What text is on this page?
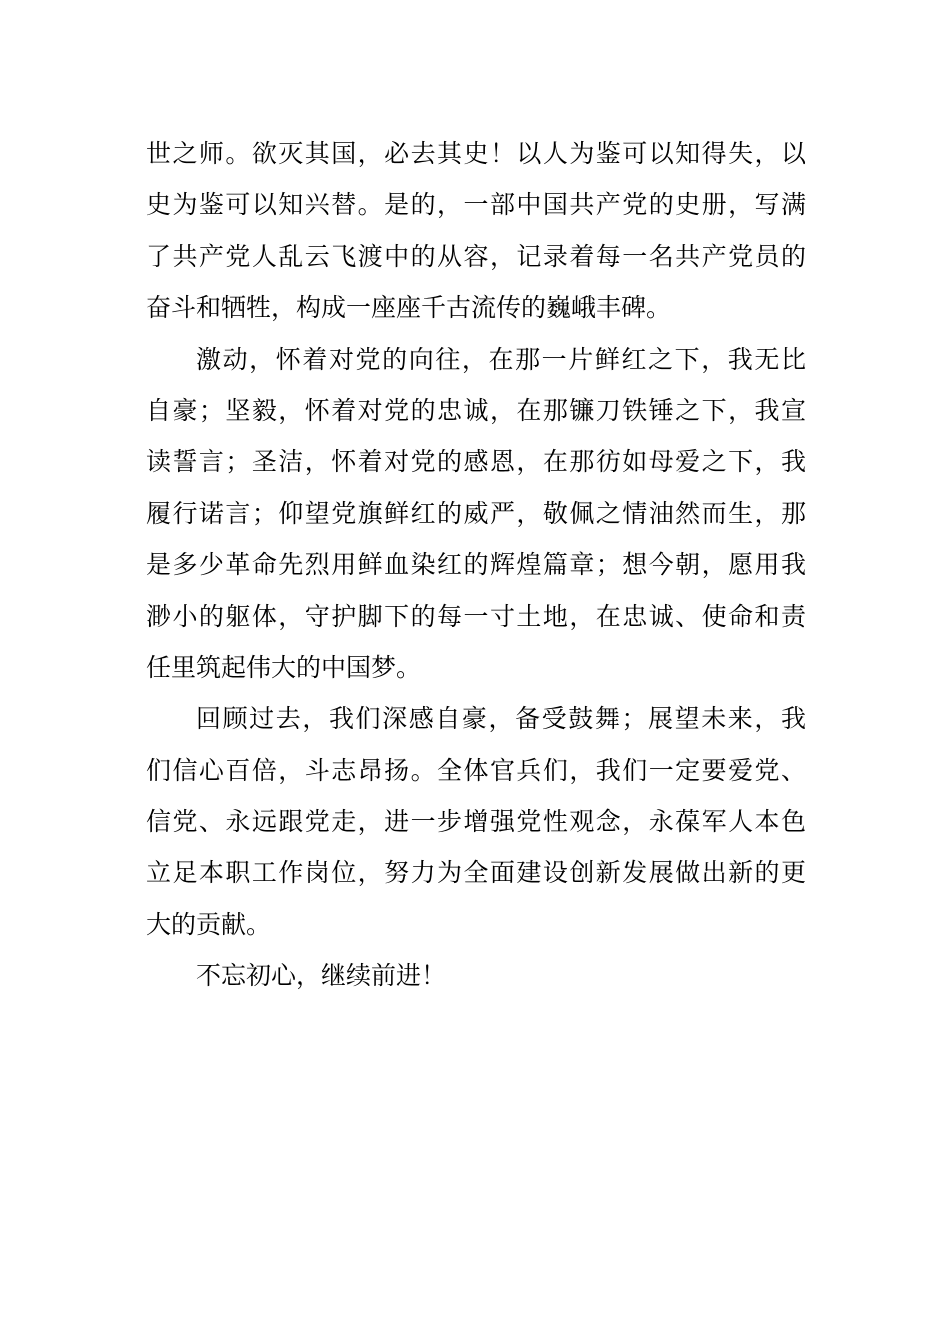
世之师。欲灭其国，必去其史！以人为鉴可以知得失，以
史为鉴可以知兴替。是的，一部中国共产党的史册，写满
了共产党人乱云飞渡中的从容，记录着每一名共产党员的
奋斗和牺牲，构成一座座千古流传的巍峨丰碑。
激动，怀着对党的向往，在那一片鲜红之下，我无比
自豪；坚毅，怀着对党的忠诚，在那镰刀铁锤之下，我宣
读誓言；圣洁，怀着对党的感恩，在那彷如母爱之下，我
履行诺言；仰望党旗鲜红的威严，敬佩之情油然而生，那
是多少革命先烈用鲜血染红的辉煌篇章；想今朝，愿用我
渺小的躯体，守护脚下的每一寸土地，在忠诚、使命和责
任里筑起伟大的中国梦。
回顾过去，我们深感自豪，备受鼓舞；展望未来，我
们信心百倍，斗志昂扬。全体官兵们，我们一定要爱党、
信党、永远跟党走，进一步增强党性观念，永葆军人本色
立足本职工作岗位，努力为全面建设创新发展做出新的更
大的贡献。
不忘初心，继续前进！
